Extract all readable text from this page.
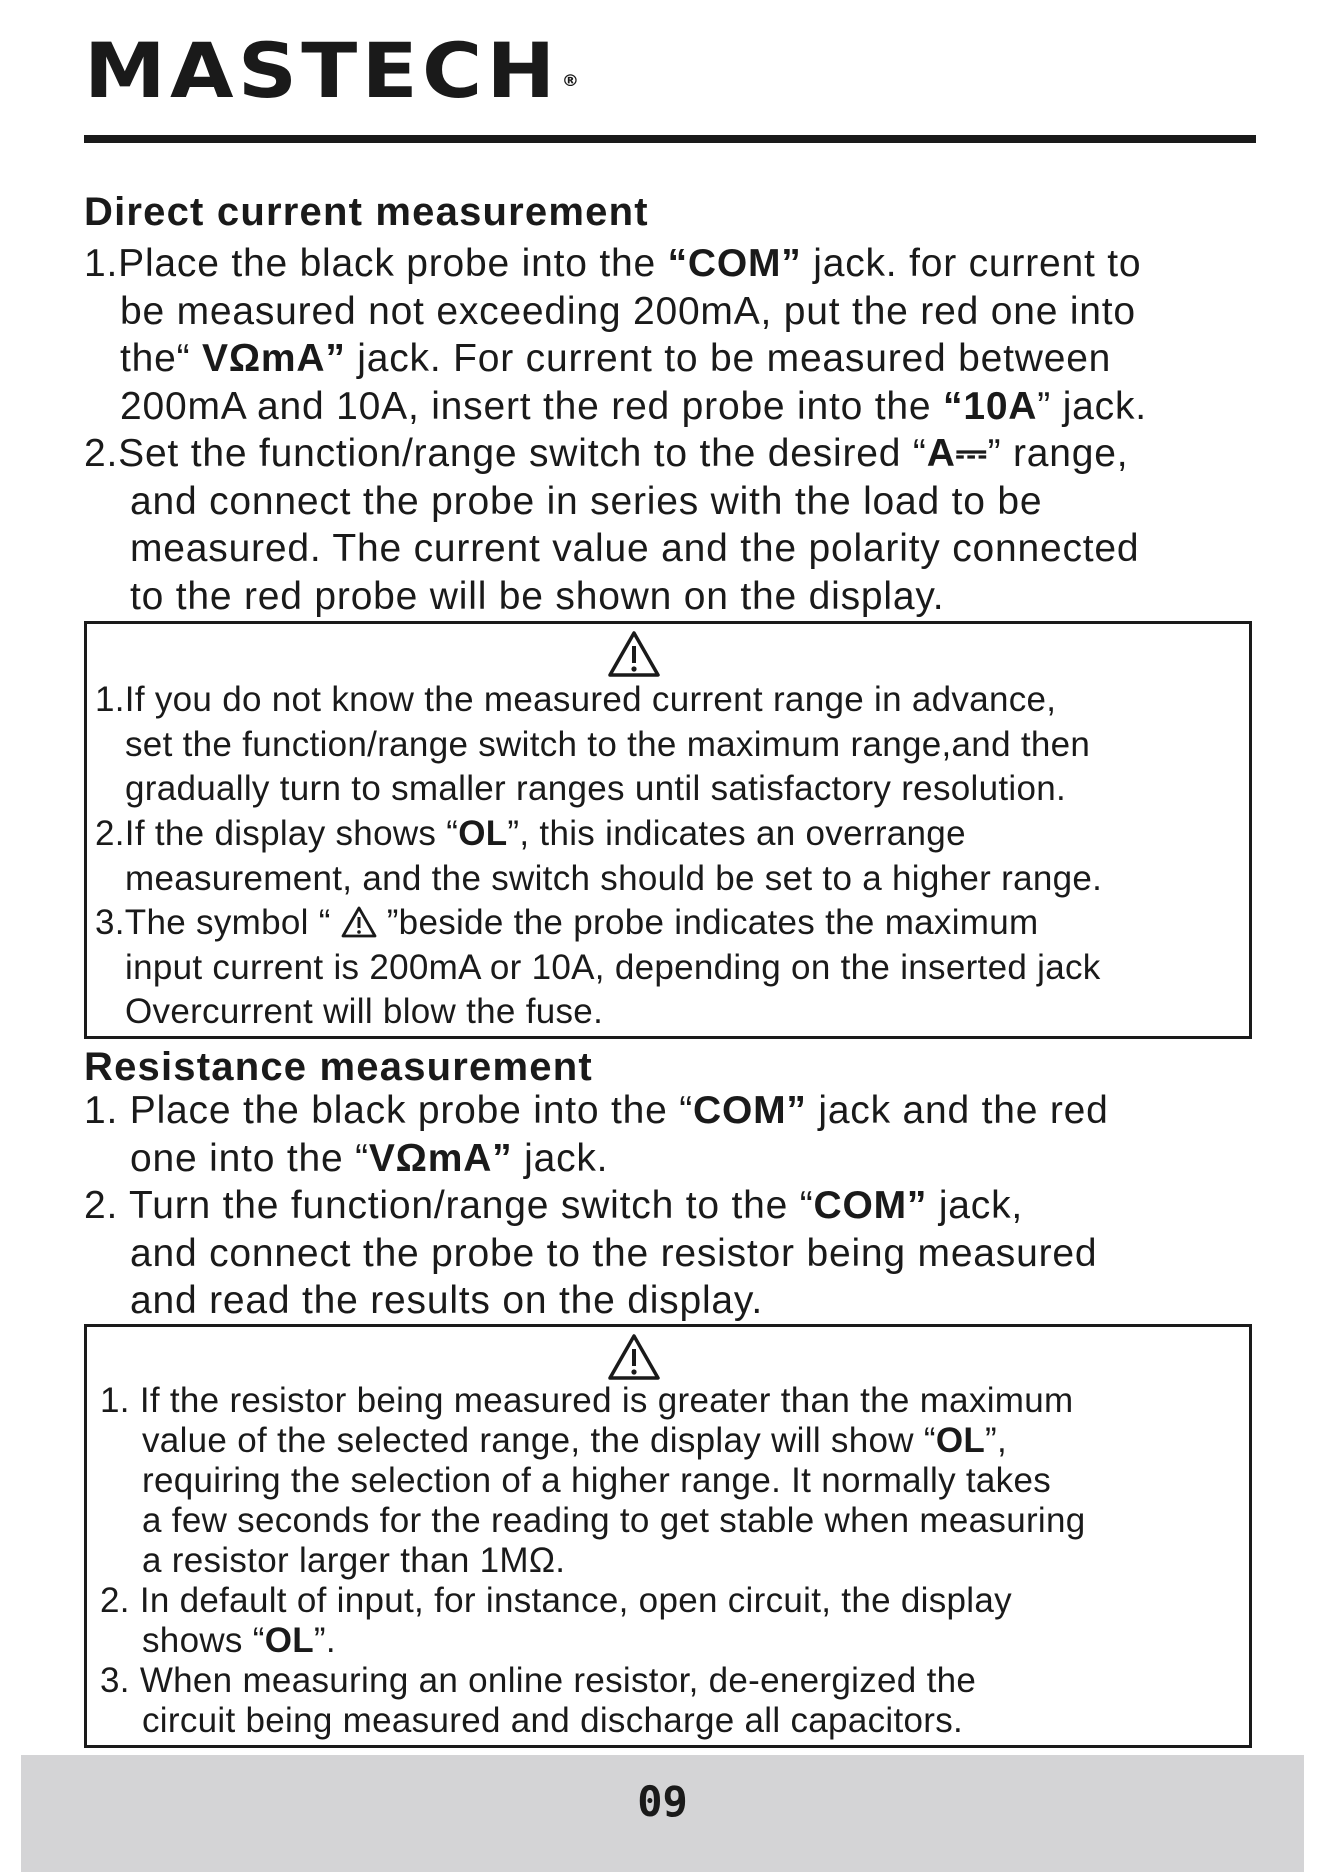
MASTECH ®
Direct current measurement
1.Place the black probe into the “COM” jack. for current to
be measured not exceeding 200mA, put the red one into
the“ VΩmA” jack. For current to be measured between
200mA and 10A, insert the red probe into the “10A” jack.
2.Set the function/range switch to the desired “A⎓” range,
and connect the probe in series with the load to be
measured. The current value and the polarity connected
to the red probe will be shown on the display.
1.If you do not know the measured current range in advance,
set the function/range switch to the maximum range,and then
gradually turn to smaller ranges until satisfactory resolution.
2.If the display shows “OL”, this indicates an overrange
measurement, and the switch should be set to a higher range.
3.The symbol “  ”beside the probe indicates the maximum
input current is 200mA or 10A, depending on the inserted jack
Overcurrent will blow the fuse.
Resistance measurement
1. Place the black probe into the “COM” jack and the red
one into the “VΩmA” jack.
2. Turn the function/range switch to the “COM” jack,
and connect the probe to the resistor being measured
and read the results on the display.
1. If the resistor being measured is greater than the maximum
value of the selected range, the display will show “OL”,
requiring the selection of a higher range. It normally takes
a few seconds for the reading to get stable when measuring
a resistor larger than 1MΩ.
2. In default of input, for instance, open circuit, the display
shows “OL”.
3. When measuring an online resistor, de-energized the
circuit being measured and discharge all capacitors.
09
